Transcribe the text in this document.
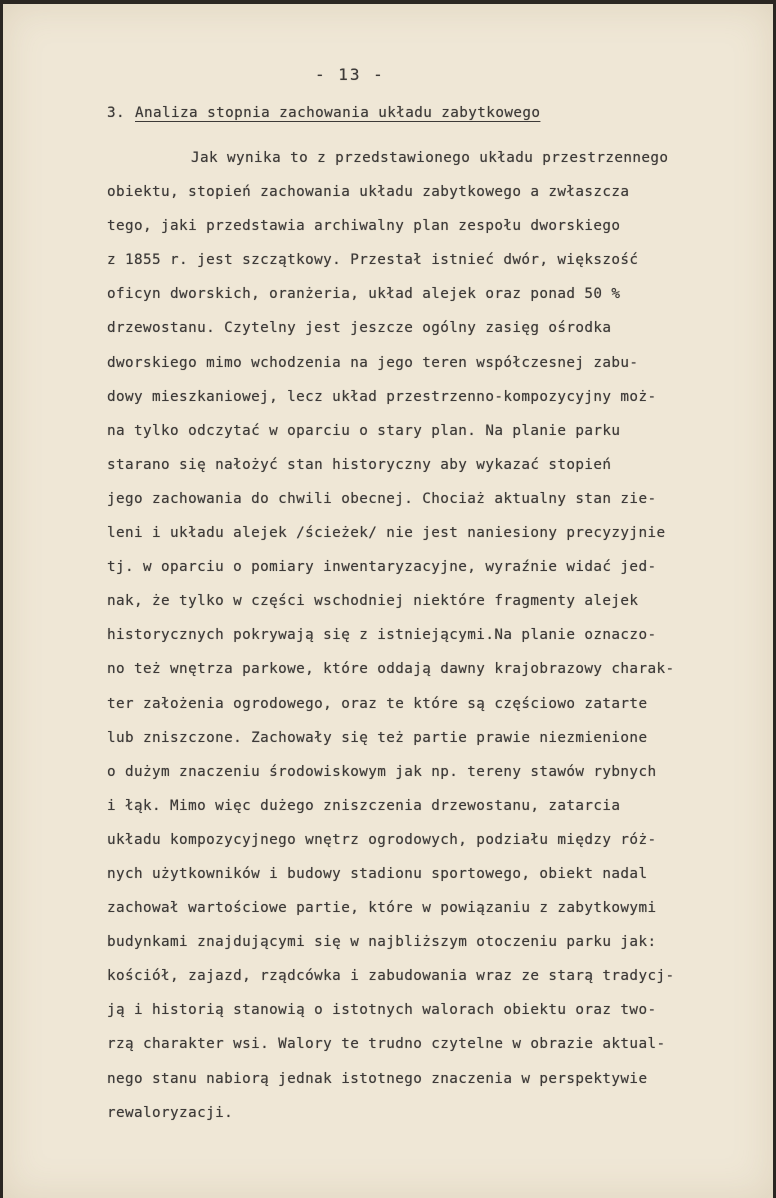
- 13 -
3. Analiza stopnia zachowania układu zabytkowego
Jak wynika to z przedstawionego układu przestrzennego
obiektu, stopień zachowania układu zabytkowego a zwłaszcza
tego, jaki przedstawia archiwalny plan zespołu dworskiego
z 1855 r. jest szczątkowy. Przestał istnieć dwór, większość
oficyn dworskich, oranżeria, układ alejek oraz ponad 50 %
drzewostanu. Czytelny jest jeszcze ogólny zasięg ośrodka
dworskiego mimo wchodzenia na jego teren współczesnej zabu-
dowy mieszkaniowej, lecz układ przestrzenno-kompozycyjny moż-
na tylko odczytać w oparciu o stary plan. Na planie parku
starano się nałożyć stan historyczny aby wykazać stopień
jego zachowania do chwili obecnej. Chociaż aktualny stan zie-
leni i układu alejek /ścieżek/ nie jest naniesiony precyzyjnie
tj. w oparciu o pomiary inwentaryzacyjne, wyraźnie widać jed-
nak, że tylko w części wschodniej niektóre fragmenty alejek
historycznych pokrywają się z istniejącymi.Na planie oznaczo-
no też wnętrza parkowe, które oddają dawny krajobrazowy charak-
ter założenia ogrodowego, oraz te które są częściowo zatarte
lub zniszczone. Zachowały się też partie prawie niezmienione
o dużym znaczeniu środowiskowym jak np. tereny stawów rybnych
i łąk. Mimo więc dużego zniszczenia drzewostanu, zatarcia
układu kompozycyjnego wnętrz ogrodowych, podziału między róż-
nych użytkowników i budowy stadionu sportowego, obiekt nadal
zachował wartościowe partie, które w powiązaniu z zabytkowymi
budynkami znajdującymi się w najbliższym otoczeniu parku jak:
kościół, zajazd, rządcówka i zabudowania wraz ze starą tradycj-
ją i historią stanowią o istotnych walorach obiektu oraz two-
rzą charakter wsi. Walory te trudno czytelne w obrazie aktual-
nego stanu nabiorą jednak istotnego znaczenia w perspektywie
rewaloryzacji.
